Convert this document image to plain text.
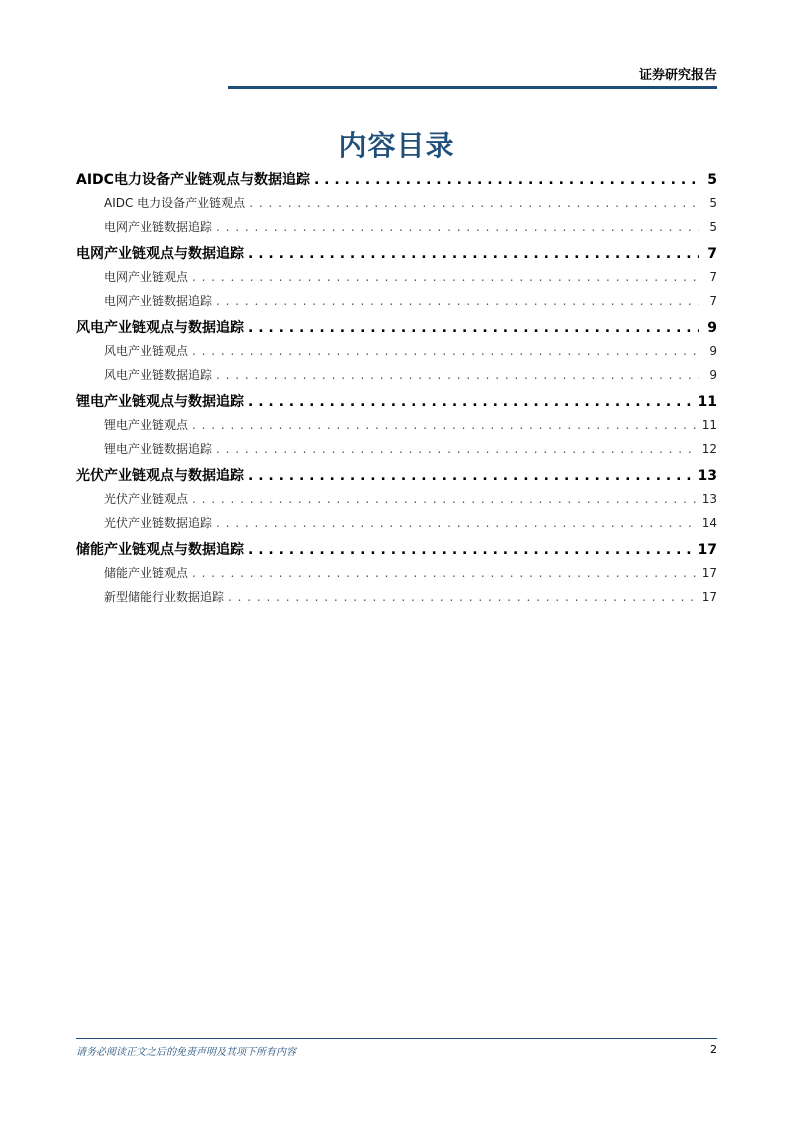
证券研究报告
内容目录
AIDC电力设备产业链观点与数据追踪 . . .	5
AIDC 电力设备产业链观点 . . .	5
电网产业链数据追踪 . . .	5
电网产业链观点与数据追踪 . . .	7
电网产业链观点 . . .	7
电网产业链数据追踪 . . .	7
风电产业链观点与数据追踪 . . .	9
风电产业链观点 . . .	9
风电产业链数据追踪 . . .	9
锂电产业链观点与数据追踪 . . .	11
锂电产业链观点 . . .	11
锂电产业链数据追踪 . . .	12
光伏产业链观点与数据追踪 . . .	13
光伏产业链观点 . . .	13
光伏产业链数据追踪 . . .	14
储能产业链观点与数据追踪 . . .	17
储能产业链观点 . . .	17
新型储能行业数据追踪 . . .	17
请务必阅读正文之后的免责声明及其项下所有内容	2
